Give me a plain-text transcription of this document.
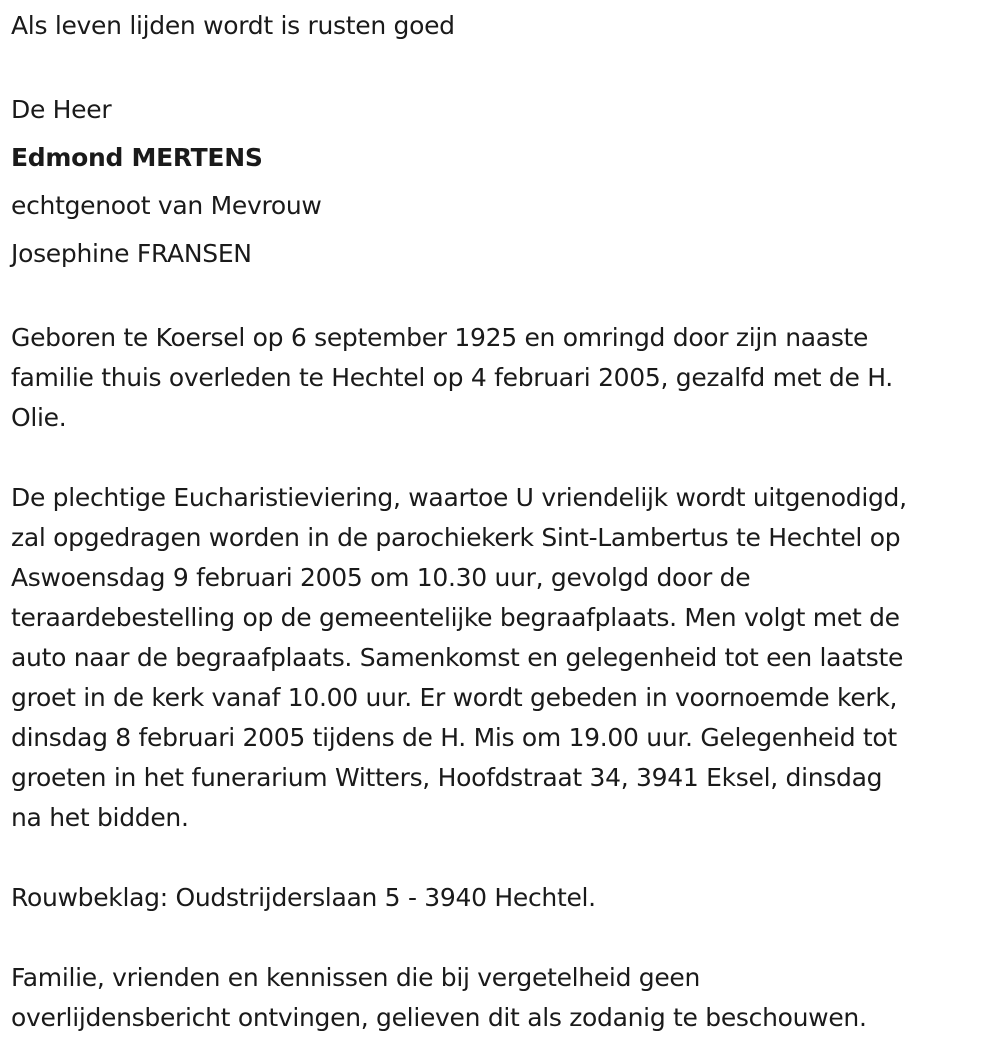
Als leven lijden wordt is rusten goed
De Heer
Edmond MERTENS
echtgenoot van Mevrouw
Josephine FRANSEN
Geboren te Koersel op 6 september 1925 en omringd door zijn naaste
familie thuis overleden te Hechtel op 4 februari 2005, gezalfd met de H.
Olie.
De plechtige Eucharistieviering, waartoe U vriendelijk wordt uitgenodigd,
zal opgedragen worden in de parochiekerk Sint-Lambertus te Hechtel op
Aswoensdag 9 februari 2005 om 10.30 uur, gevolgd door de
teraardebestelling op de gemeentelijke begraafplaats. Men volgt met de
auto naar de begraafplaats. Samenkomst en gelegenheid tot een laatste
groet in de kerk vanaf 10.00 uur. Er wordt gebeden in voornoemde kerk,
dinsdag 8 februari 2005 tijdens de H. Mis om 19.00 uur. Gelegenheid tot
groeten in het funerarium Witters, Hoofdstraat 34, 3941 Eksel, dinsdag
na het bidden.
Rouwbeklag: Oudstrijderslaan 5 - 3940 Hechtel.
Familie, vrienden en kennissen die bij vergetelheid geen
overlijdensbericht ontvingen, gelieven dit als zodanig te beschouwen.
